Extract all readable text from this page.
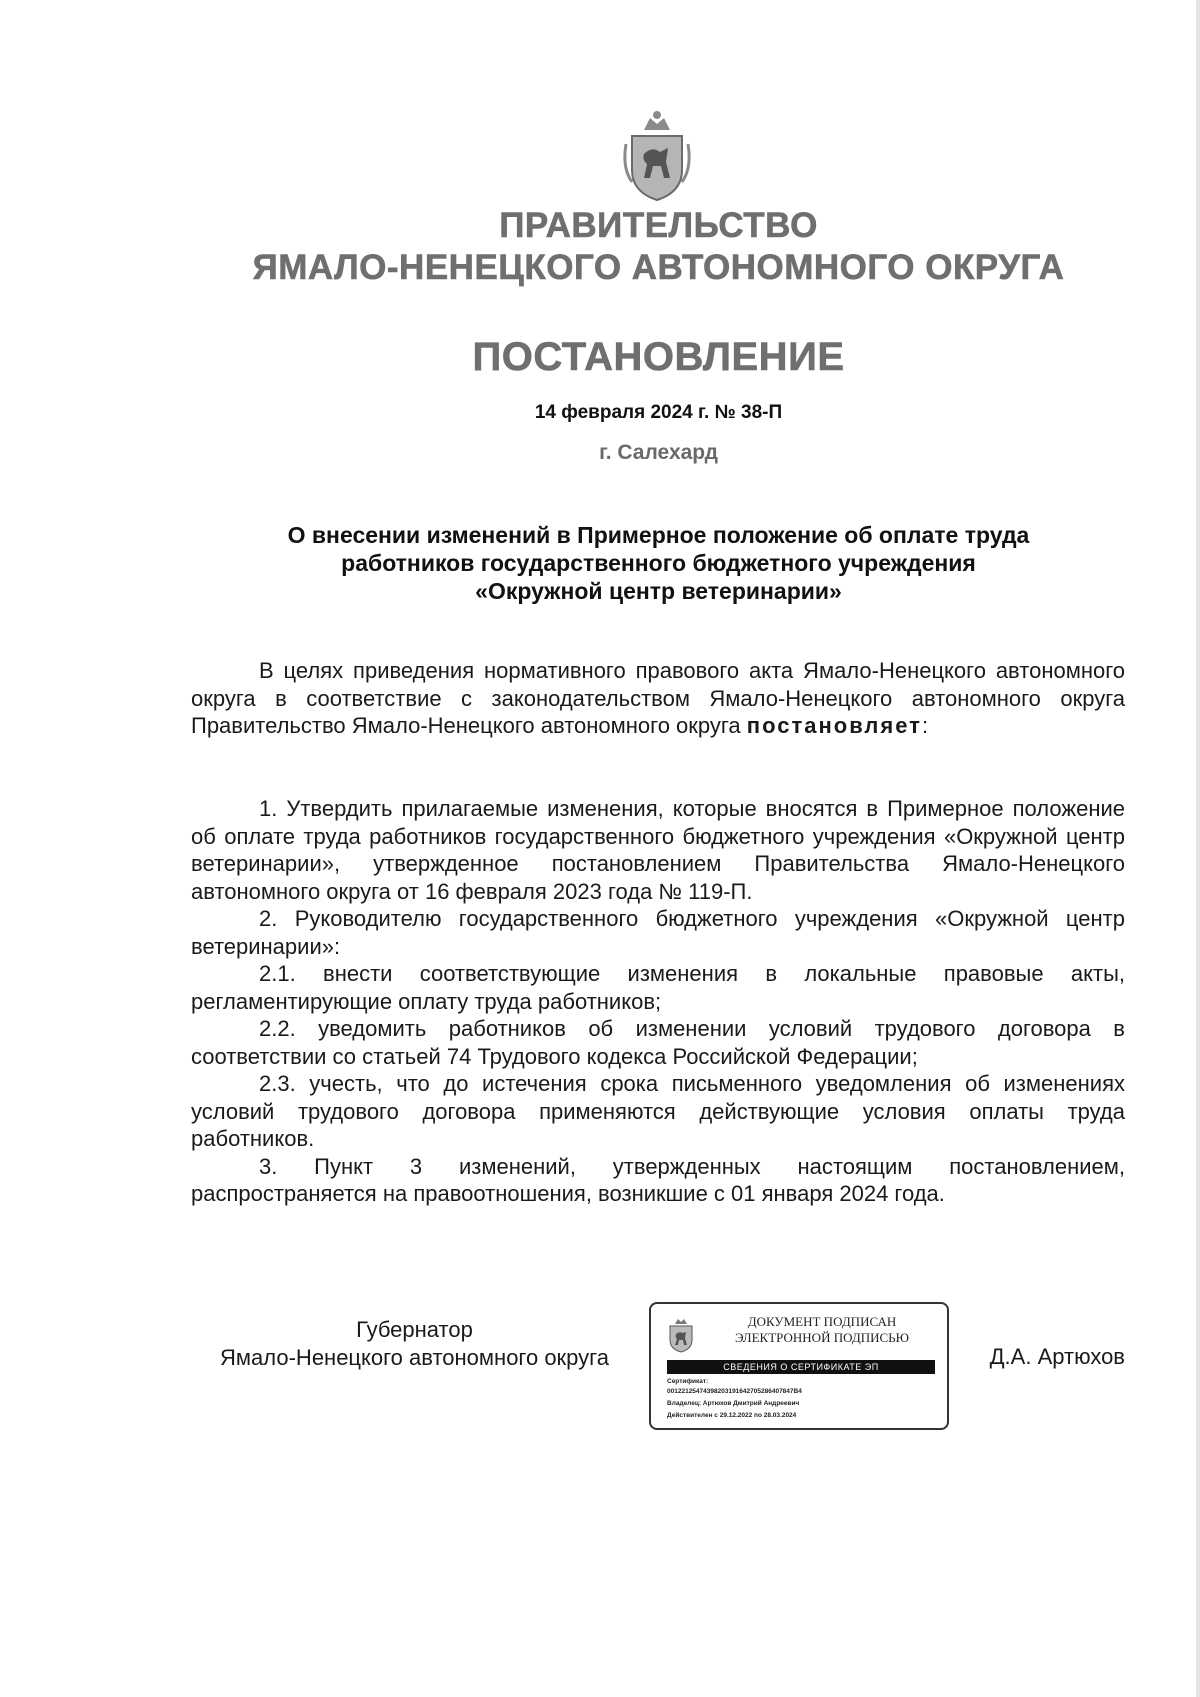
ПРАВИТЕЛЬСТВО
ЯМАЛО-НЕНЕЦКОГО АВТОНОМНОГО ОКРУГА
ПОСТАНОВЛЕНИЕ
14 февраля 2024 г. № 38-П
г. Салехард
О внесении изменений в Примерное положение об оплате труда
работников государственного бюджетного учреждения
«Окружной центр ветеринарии»

В целях приведения нормативного правового акта Ямало-Ненецкого автономного округа в соответствие с законодательством Ямало-Ненецкого автономного округа Правительство Ямало-Ненецкого автономного округа постановляет:

1. Утвердить прилагаемые изменения, которые вносятся в Примерное положение об оплате труда работников государственного бюджетного учреждения «Окружной центр ветеринарии», утвержденное постановлением Правительства Ямало-Ненецкого автономного округа от 16 февраля 2023 года № 119-П.

2. Руководителю государственного бюджетного учреждения «Окружной центр ветеринарии»:

2.1. внести соответствующие изменения в локальные правовые акты, регламентирующие оплату труда работников;

2.2. уведомить работников об изменении условий трудового договора в соответствии со статьей 74 Трудового кодекса Российской Федерации;

2.3. учесть, что до истечения срока письменного уведомления об изменениях условий трудового договора применяются действующие условия оплаты труда работников.

3. Пункт 3 изменений, утвержденных настоящим постановлением, распространяется на правоотношения, возникшие с 01 января 2024 года.

Губернатор
Ямало-Ненецкого автономного округа
ДОКУМЕНТ ПОДПИСАН
ЭЛЕКТРОННОЙ ПОДПИСЬЮ
СВЕДЕНИЯ О СЕРТИФИКАТЕ ЭП
Сертификат:
00122125474398203191642705286407847В4
Владелец: Артюхов Дмитрий Андреевич
Действителен с 29.12.2022 по 28.03.2024
Д.А. Артюхов
